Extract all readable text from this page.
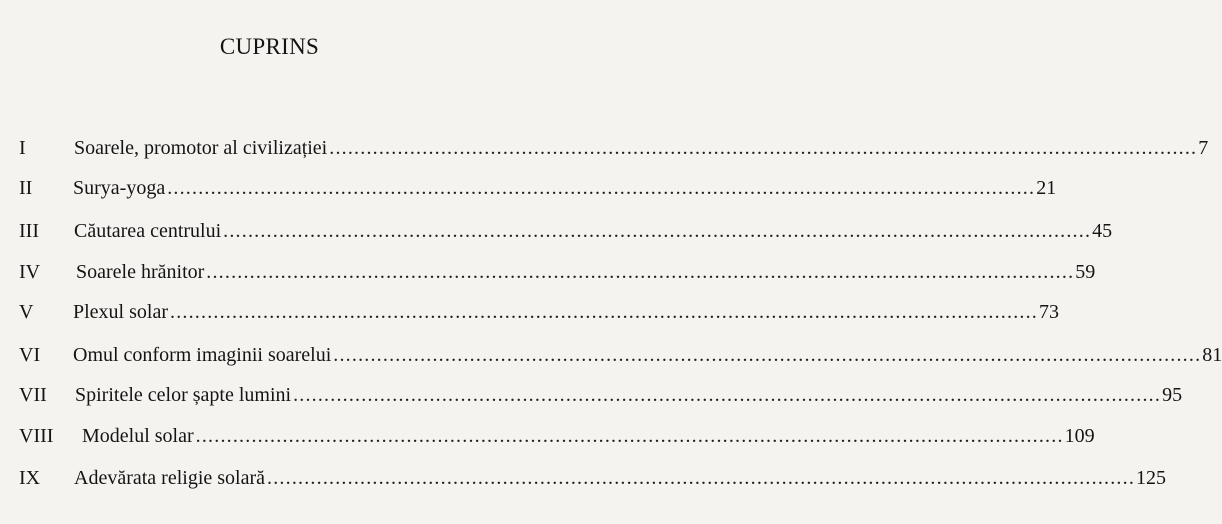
CUPRINS
I Soarele, promotor al civilizației ............................................................................................................................................ 7
II Surya-yoga ............................................................................................................................................ 21
III Căutarea centrului ............................................................................................................................................ 45
IV Soarele hrănitor ............................................................................................................................................ 59
V Plexul solar ............................................................................................................................................ 73
VI Omul conform imaginii soarelui ............................................................................................................................................ 81
VII Spiritele celor șapte lumini ............................................................................................................................................ 95
VIII Modelul solar ............................................................................................................................................ 109
IX Adevărata religie solară ............................................................................................................................................ 125
